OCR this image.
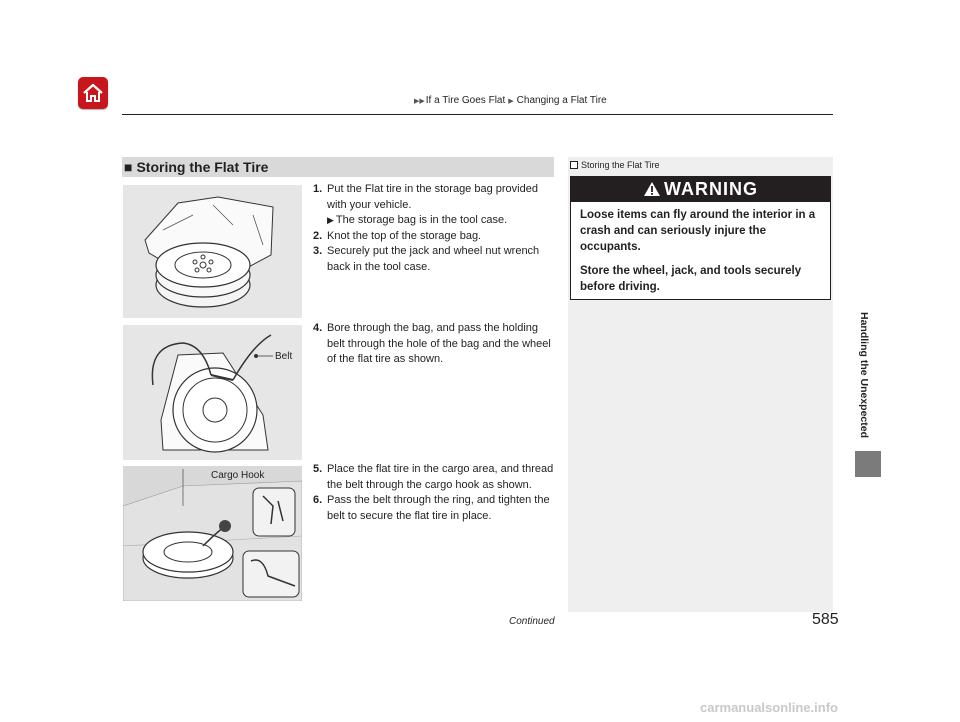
▶▶ If a Tire Goes Flat ▶ Changing a Flat Tire
Handling the Unexpected
■ Storing the Flat Tire
Belt
Cargo Hook
1. Put the Flat tire in the storage bag provided with your vehicle.
▶ The storage bag is in the tool case.
2. Knot the top of the storage bag.
3. Securely put the jack and wheel nut wrench back in the tool case.
4. Bore through the bag, and pass the holding belt through the hole of the bag and the wheel of the flat tire as shown.
5. Place the flat tire in the cargo area, and thread the belt through the cargo hook as shown.
6. Pass the belt through the ring, and tighten the belt to secure the flat tire in place.
Storing the Flat Tire
WARNING

Loose items can fly around the interior in a crash and can seriously injure the occupants.

Store the wheel, jack, and tools securely before driving.

Continued	585
carmanualsonline.info
